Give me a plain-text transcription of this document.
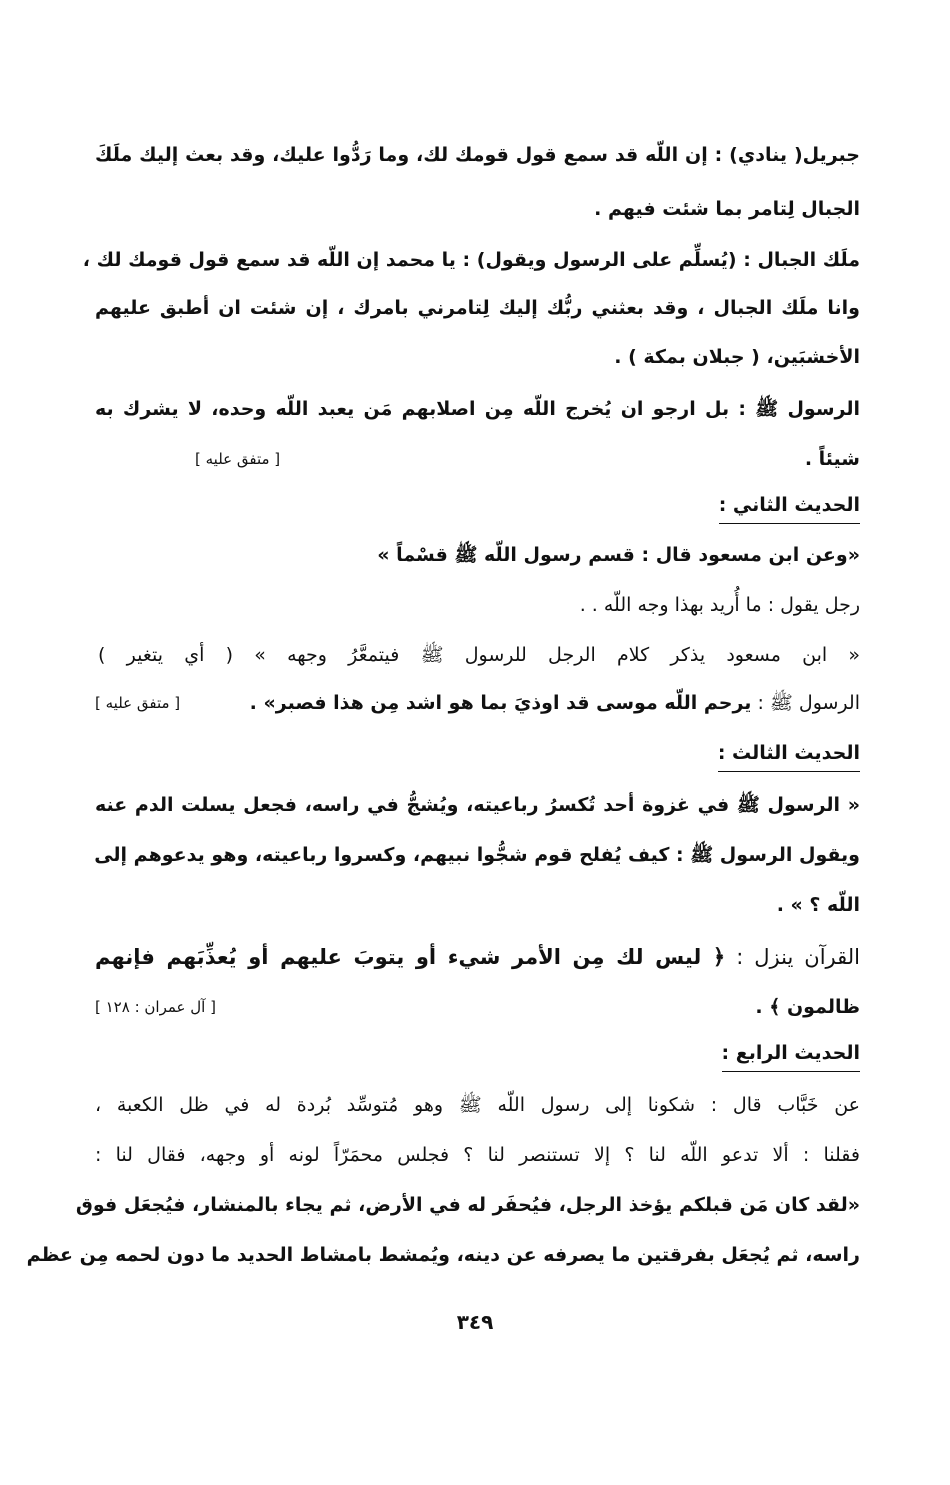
جبريل( ينادي) : إن اللّه قد سمع قول قومك لك، وما رَدُّوا عليك، وقد بعث إليك ملَكَ
الجبال لِتامر بما شئت فيهم .
ملَك الجبال : (يُسلِّم على الرسول ويقول) : يا محمد إن اللّه قد سمع قول قومك لك ،
وانا ملَك الجبال ، وقد بعثني ربُّك إليك لِتامرني بامرك ، إن شئت ان أطبق عليهم
الأخشبَين، ( جبلان بمكة ) .
الرسول ﷺ : بل ارجو ان يُخرج اللّه مِن اصلابهم مَن يعبد اللّه وحده، لا يشرك به
شيئاً .
[ متفق عليه ]
الحديث الثاني :
«وعن ابن مسعود قال : قسم رسول اللّه ﷺ قسْماً »
رجل يقول : ما أُريد بهذا وجه اللّه . .
« ابن مسعود يذكر كلام الرجل للرسول ﷺ فيتمعَّرُ وجهه » ( أي يتغير )
الرسول ﷺ : يرحم اللّه موسى قد اوذيَ بما هو اشد مِن هذا فصبر» .
[ متفق عليه ]
الحديث الثالث :
« الرسول ﷺ في غزوة أحد تُكسرُ رباعيته، ويُشجُّ في راسه، فجعل يسلت الدم عنه
ويقول الرسول ﷺ : كيف يُفلح قوم شجُّوا نبيهم، وكسروا رباعيته، وهو يدعوهم إلى
اللّه ؟ » .
القرآن ينزل : ﴿ ليس لك مِن الأمر شيء أو يتوبَ عليهم أو يُعذِّبَهم فإنهم
ظالمون ﴾ .
[ آل عمران : ١٢٨ ]
الحديث الرابع :
عن خَبَّاب قال : شكونا إلى رسول اللّه ﷺ وهو مُتوسِّد بُردة له في ظل الكعبة ،
فقلنا : ألا تدعو اللّه لنا ؟ إلا تستنصر لنا ؟ فجلس محمَرّاً لونه أو وجهه، فقال لنا :
«لقد كان مَن قبلكم يؤخذ الرجل، فيُحفَر له في الأرض، ثم يجاء بالمنشار، فيُجعَل فوق
راسه، ثم يُجعَل بفرقتين ما يصرفه عن دينه، ويُمشط بامشاط الحديد ما دون لحمه مِن عظم
٣٤٩
